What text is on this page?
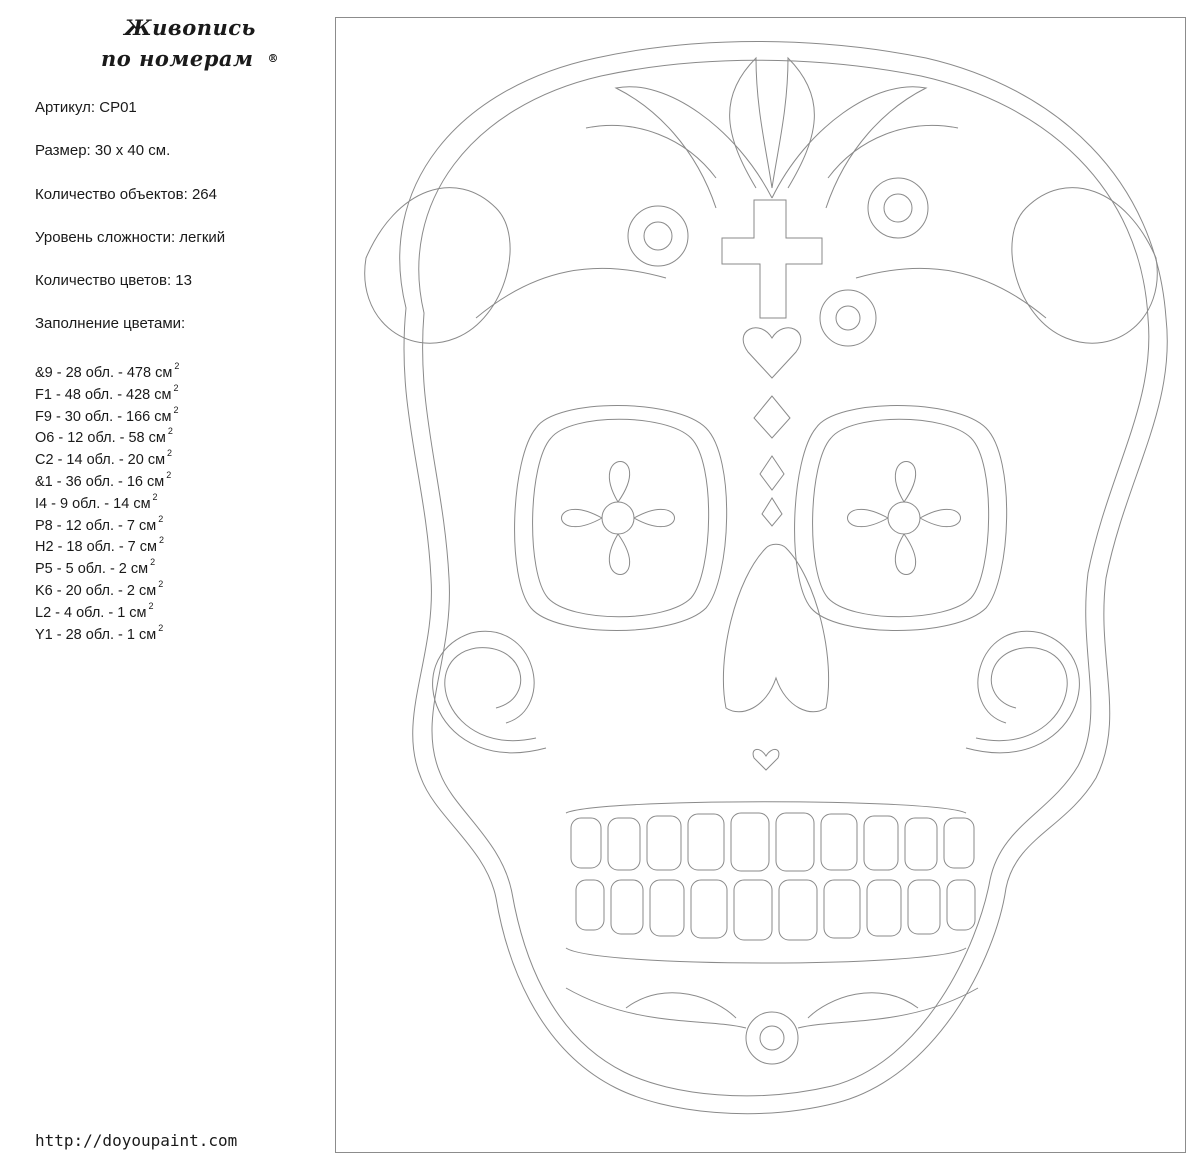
Живопись

по номерам ®
Артикул: СР01
Размер: 30 х 40 см.
Количество объектов: 264
Уровень сложности: легкий
Количество цветов: 13
Заполнение цветами:
&9 - 28 обл. - 478 см $^2$
F1 - 48 обл. - 428 см $^2$
F9 - 30 обл. - 166 см $^2$
O6 - 12 обл. - 58 см $^2$
C2 - 14 обл. - 20 см $^2$
&1 - 36 обл. - 16 см $^2$
I4 - 9 обл. - 14 см $^2$
P8 - 12 обл. - 7 см $^2$
H2 - 18 обл. - 7 см $^2$
P5 - 5 обл. - 2 см $^2$
K6 - 20 обл. - 2 см $^2$
L2 - 4 обл. - 1 см $^2$
Y1 - 28 обл. - 1 см $^2$
http://doyoupaint.com
